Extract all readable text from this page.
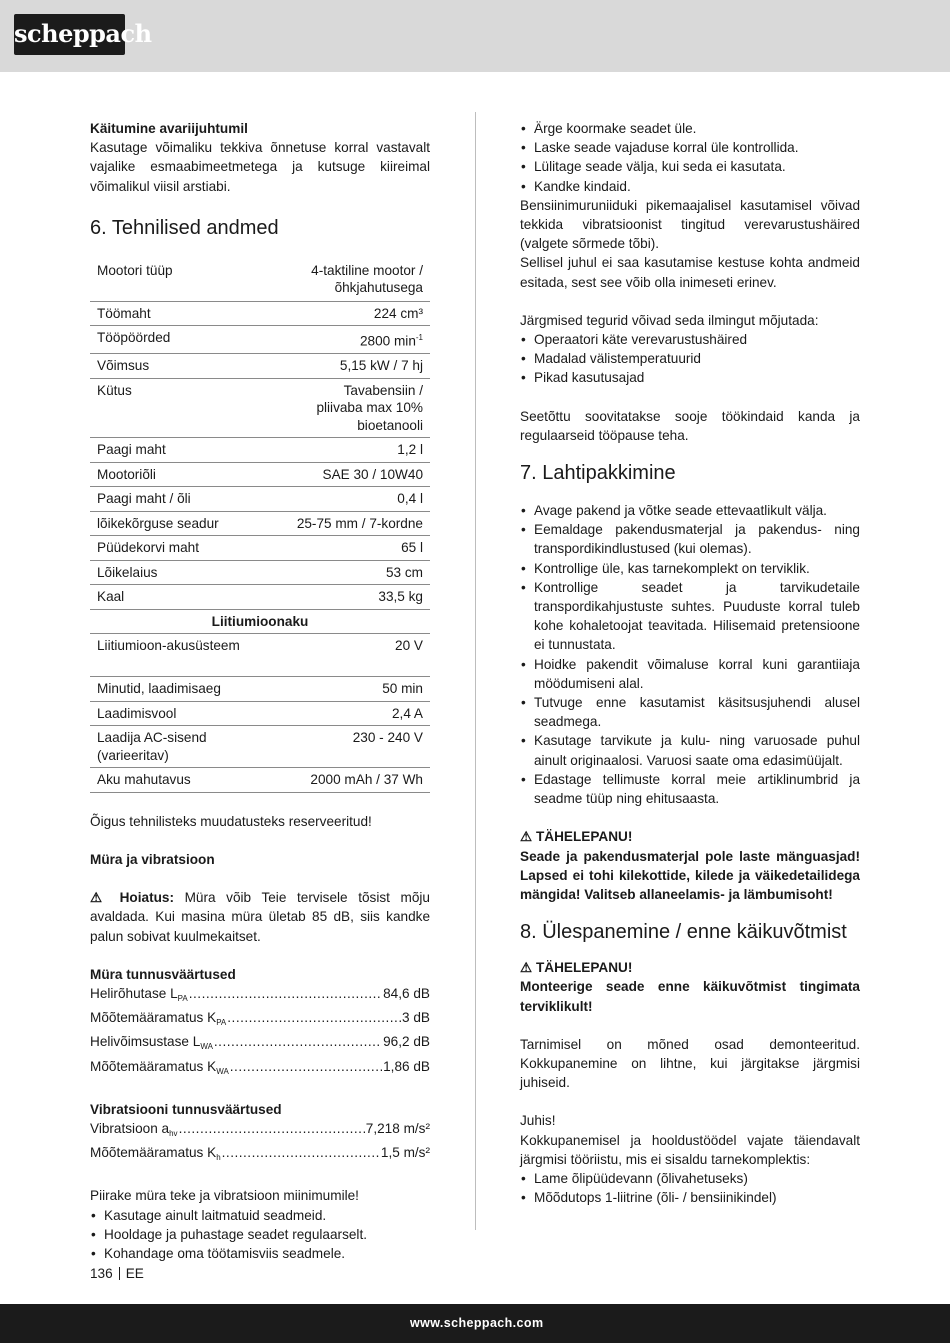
scheppach

Käitumine avariijuhtumil

Kasutage võimaliku tekkiva õnnetuse korral vastavalt vajalike esmaabimeetmetega ja kutsuge kiireimal võimalikul viisil arstiabi.

6. Tehnilised andmed
Mootori tüüp	4-taktiline mootor / õhkjahutusega
Töömaht	224 cm³
Tööpöörded	2800 $\min^{-1}$
Võimsus	5,15 kW / 7 hj
Kütus	Tavabensiin / pliivaba max 10% bioetanooli
Paagi maht	1,2 l
Mootoriõli	SAE 30 / 10W40
Paagi maht / õli	0,4 l
lõikekõrguse seadur	25-75 mm / 7-kordne
Püüdekorvi maht	65 l
Lõikelaius	53 cm
Kaal	33,5 kg
Liitiumioonaku	
Liitiumioon-akusüsteem	20 V
Minutid, laadimisaeg	50 min
Laadimisvool	2,4 A
Laadija AC-sisend (varieeritav)	230 - 240 V
Aku mahutavus	2000 mAh / 37 Wh

Õigus tehnilisteks muudatusteks reserveeritud!

Müra ja vibratsioon

⚠ Hoiatus: Müra võib Teie tervisele tõsist mõju avaldada. Kui masina müra ületab 85 dB, siis kandke palun sobivat kuulmekaitset.

Müra tunnusväärtused

Helirõhutase $L_{PA}$ .....	84,6 dB
Mõõtemääramatus $K_{PA}$ .....	3 dB
Helivõimsustase $L_{WA}$ .....	96,2 dB
Mõõtemääramatus $K_{WA}$ .....	1,86 dB

Vibratsiooni tunnusväärtused

Vibratsioon $a_{hv}$ .....	7,218 m/s²
Mõõtemääramatus $K_h$ .....	1,5 m/s²

Piirake müra teke ja vibratsioon miinimumile!

• Kasutage ainult laitmatuid seadmeid.
• Hooldage ja puhastage seadet regulaarselt.
• Kohandage oma töötamisviis seadmele.
• Ärge koormake seadet üle.
• Laske seade vajaduse korral üle kontrollida.
• Lülitage seade välja, kui seda ei kasutata.
• Kandke kindaid.

Bensiinimuruniiduki pikemaajalisel kasutamisel võivad tekkida vibratsioonist tingitud verevarustushäired (valgete sõrmede tõbi).

Sellisel juhul ei saa kasutamise kestuse kohta andmeid esitada, sest see võib olla inimeseti erinev.

Järgmised tegurid võivad seda ilmingut mõjutada:

• Operaatori käte verevarustushäired
• Madalad välistemperatuurid
• Pikad kasutusajad

Seetõttu soovitatakse sooje töökindaid kanda ja regulaarseid tööpause teha.

7. Lahtipakkimine
• Avage pakend ja võtke seade ettevaatlikult välja.
• Eemaldage pakendusmaterjal ja pakendus- ning transpordikindlustused (kui olemas).
• Kontrollige üle, kas tarnekomplekt on terviklik.
• Kontrollige seadet ja tarvikudetaile transpordikahjustuste suhtes. Puuduste korral tuleb kohe kohaletoojat teavitada. Hilisemaid pretensioone ei tunnustata.
• Hoidke pakendit võimaluse korral kuni garantiiaja möödumiseni alal.
• Tutvuge enne kasutamist käsitsusjuhendi alusel seadmega.
• Kasutage tarvikute ja kulu- ning varuosade puhul ainult originaalosi. Varuosi saate oma edasimüüjalt.
• Edastage tellimuste korral meie artiklinumbrid ja seadme tüüp ning ehitusaasta.

⚠ TÄHELEPANU!

Seade ja pakendusmaterjal pole laste mänguasjad! Lapsed ei tohi kilekottide, kilede ja väikedetailidega mängida! Valitseb allaneelamis- ja lämbumisoht!

8. Ülespanemine / enne käikuvõtmist

⚠ TÄHELEPANU!

Monteerige seade enne käikuvõtmist tingimata terviklikult!

Tarnimisel on mõned osad demonteeritud. Kokkupanemine on lihtne, kui järgitakse järgmisi juhiseid.

Juhis!

Kokkupanemisel ja hooldustöödel vajate täiendavalt järgmisi tööriistu, mis ei sisaldu tarnekomplektis:

• Lame õlipüüdevann (õlivahetuseks)
• Mõõdutops 1-liitrine (õli- / bensiinikindel)
136 EE
www.scheppach.com
